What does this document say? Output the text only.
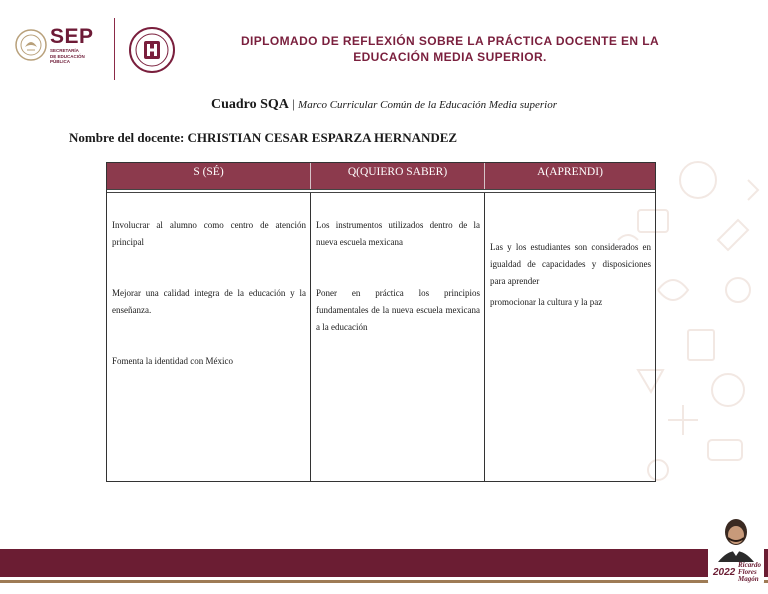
SEP
SECRETARÍA
DE EDUCACIÓN
PÚBLICA
DIPLOMADO DE REFLEXIÓN SOBRE LA PRÁCTICA DOCENTE EN LA
EDUCACIÓN MEDIA SUPERIOR.
Cuadro SQA | Marco Curricular Común de la Educación Media superior
Nombre del docente: CHRISTIAN CESAR ESPARZA HERNANDEZ
S (SÉ)	Q(QUIERO SABER)	A(APRENDI)
Involucrar al alumno como centro de atención principal
Mejorar una calidad integra de la educación y la enseñanza.
Fomenta la identidad con México
Los instrumentos utilizados dentro de la nueva escuela mexicana
Poner en práctica los principios fundamentales de la nueva escuela mexicana a la educación
Las y los estudiantes son considerados en igualdad de capacidades y disposiciones para aprender
promocionar la cultura y la paz
2022
Ricardo
Flores
Magón
